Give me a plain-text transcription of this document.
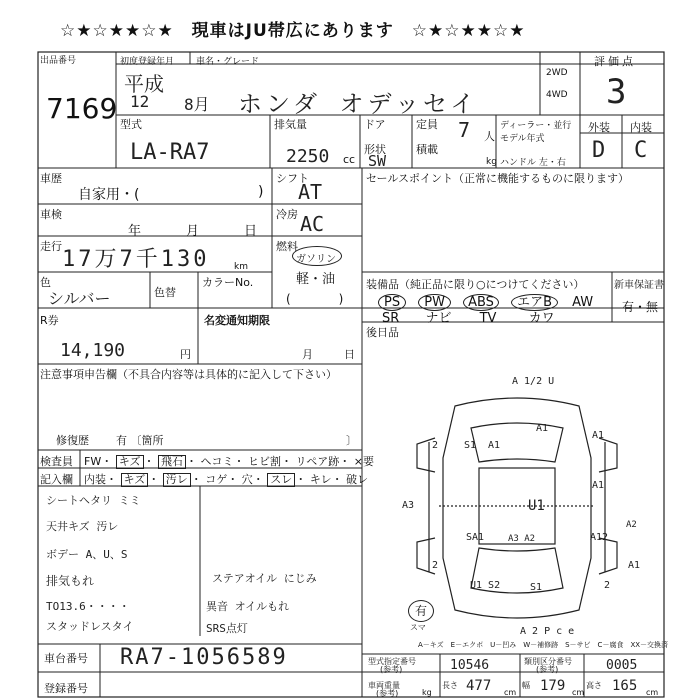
☆★☆★★☆★　現車はJU帯広にあります　☆★☆★★☆★
出品番号
7169
初度登録年月 車名・グレード
平成
12 8月 ホンダ オデッセイ
2WD
4WD
評価点
3
外装 内装
D C
型式
LA-RA7
排気量
2250 cc
ドア
形状
SW
定員 7 人
積載
kg
ディーラー・並行
モデル年式
ハンドル 左・右
車歴
自家用・(	)
シフト
AT
車検
年	月	日
冷房 AC
走行
17万7千130	km
燃料
ガソリン
軽・油
(　　　　)
色
シルバー	色替
カラーNo.
R券
14,190	円
名変通知期限
月	日
注意事項申告欄（不具合内容等は具体的に記入して下さい）
修復歴 有 〔箇所	〕
検査員
記入欄
FW・ キズ ・ 飛石 ・ ヘコミ・ ヒビ割・ リペア跡・ ×要
内装・ キズ ・ 汚レ ・ コゲ・ 穴・ スレ ・ キレ・ 破レ
シートヘタリ ミミ
天井キズ 汚レ
ボデー A、U、S
排気もれ
TO13.6・・・・
スタッドレスタイ
ステアオイル にじみ
異音 オイルもれ
SRS点灯
セールスポイント（正常に機能するものに限ります）
装備品（純正品に限り○につけてください）	新車保証書
有・無
PS PW ABS エアB AW
SR ナビ TV カワ
後日品
A 1/2 U
A 2 P c e
A1
A1
A1
2	S1
A1
A3	U1
SA1	A1 2
2	A1
U1 S2	S1	2
A3 A2
A2
有
スマ
A－キズ　E－エクボ　U－凹み　W－補修跡　S－サビ　C－腐食　XX－交換済
車台番号 RA7-1056589
登録番号
型式指定番号
(参考)	10546	類別区分番号
(参考)	0005
車両重量
(参考)	kg
長さ 477 cm
幅 179 cm
高さ 165 cm
